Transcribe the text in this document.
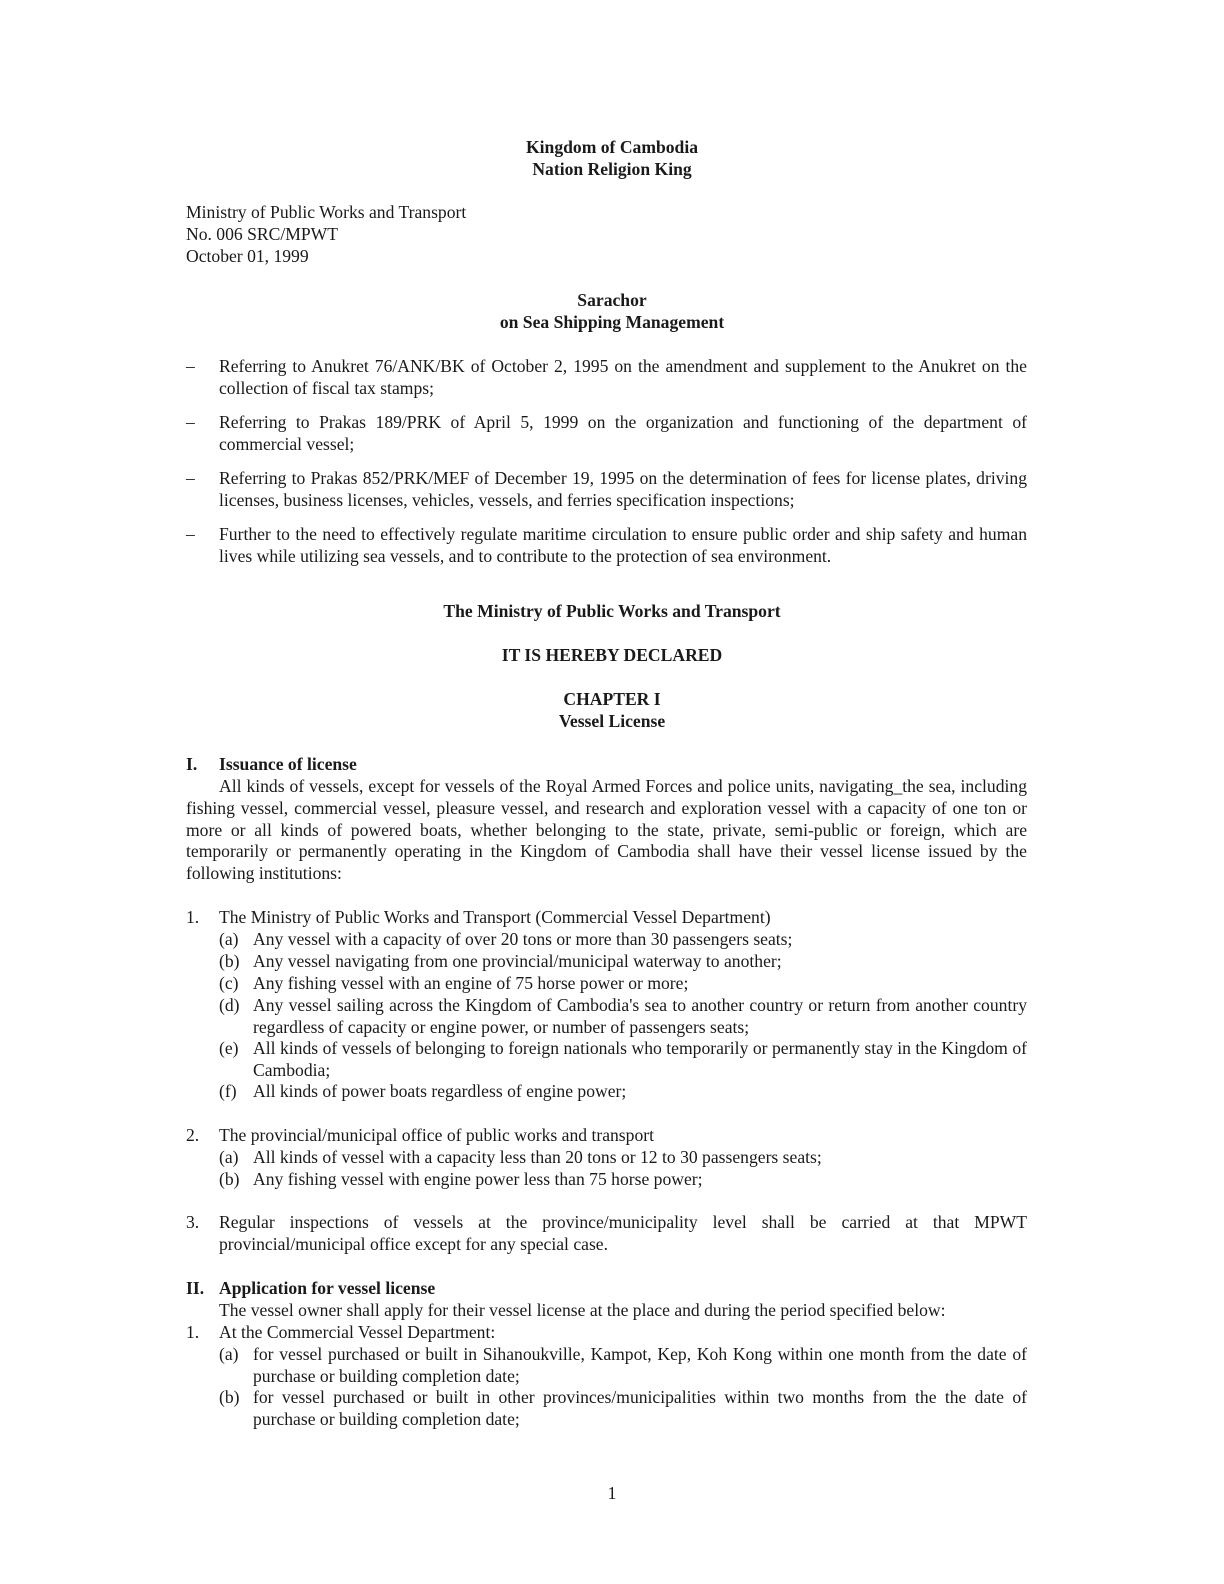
Kingdom of Cambodia
Nation Religion King
Ministry of Public Works and Transport
No. 006 SRC/MPWT
October 01, 1999
Sarachor
on Sea Shipping Management
– Referring to Anukret 76/ANK/BK of October 2, 1995 on the amendment and supplement to the Anukret on the collection of fiscal tax stamps;
– Referring to Prakas 189/PRK of April 5, 1999 on the organization and functioning of the department of commercial vessel;
– Referring to Prakas 852/PRK/MEF of December 19, 1995 on the determination of fees for license plates, driving licenses, business licenses, vehicles, vessels, and ferries specification inspections;
– Further to the need to effectively regulate maritime circulation to ensure public order and ship safety and human lives while utilizing sea vessels, and to contribute to the protection of sea environment.
The Ministry of Public Works and Transport
IT IS HEREBY DECLARED
CHAPTER I
Vessel License
I. Issuance of license
All kinds of vessels, except for vessels of the Royal Armed Forces and police units, navigating_the sea, including fishing vessel, commercial vessel, pleasure vessel, and research and exploration vessel with a capacity of one ton or more or all kinds of powered boats, whether belonging to the state, private, semi-public or foreign, which are temporarily or permanently operating in the Kingdom of Cambodia shall have their vessel license issued by the following institutions:
1. The Ministry of Public Works and Transport (Commercial Vessel Department)
(a) Any vessel with a capacity of over 20 tons or more than 30 passengers seats;
(b) Any vessel navigating from one provincial/municipal waterway to another;
(c) Any fishing vessel with an engine of 75 horse power or more;
(d) Any vessel sailing across the Kingdom of Cambodia's sea to another country or return from another country regardless of capacity or engine power, or number of passengers seats;
(e) All kinds of vessels of belonging to foreign nationals who temporarily or permanently stay in the Kingdom of Cambodia;
(f) All kinds of power boats regardless of engine power;
2. The provincial/municipal office of public works and transport
(a) All kinds of vessel with a capacity less than 20 tons or 12 to 30 passengers seats;
(b) Any fishing vessel with engine power less than 75 horse power;
3. Regular inspections of vessels at the province/municipality level shall be carried at that MPWT provincial/municipal office except for any special case.
II. Application for vessel license
The vessel owner shall apply for their vessel license at the place and during the period specified below:
1. At the Commercial Vessel Department:
(a) for vessel purchased or built in Sihanoukville, Kampot, Kep, Koh Kong within one month from the date of purchase or building completion date;
(b) for vessel purchased or built in other provinces/municipalities within two months from the the date of purchase or building completion date;
1
